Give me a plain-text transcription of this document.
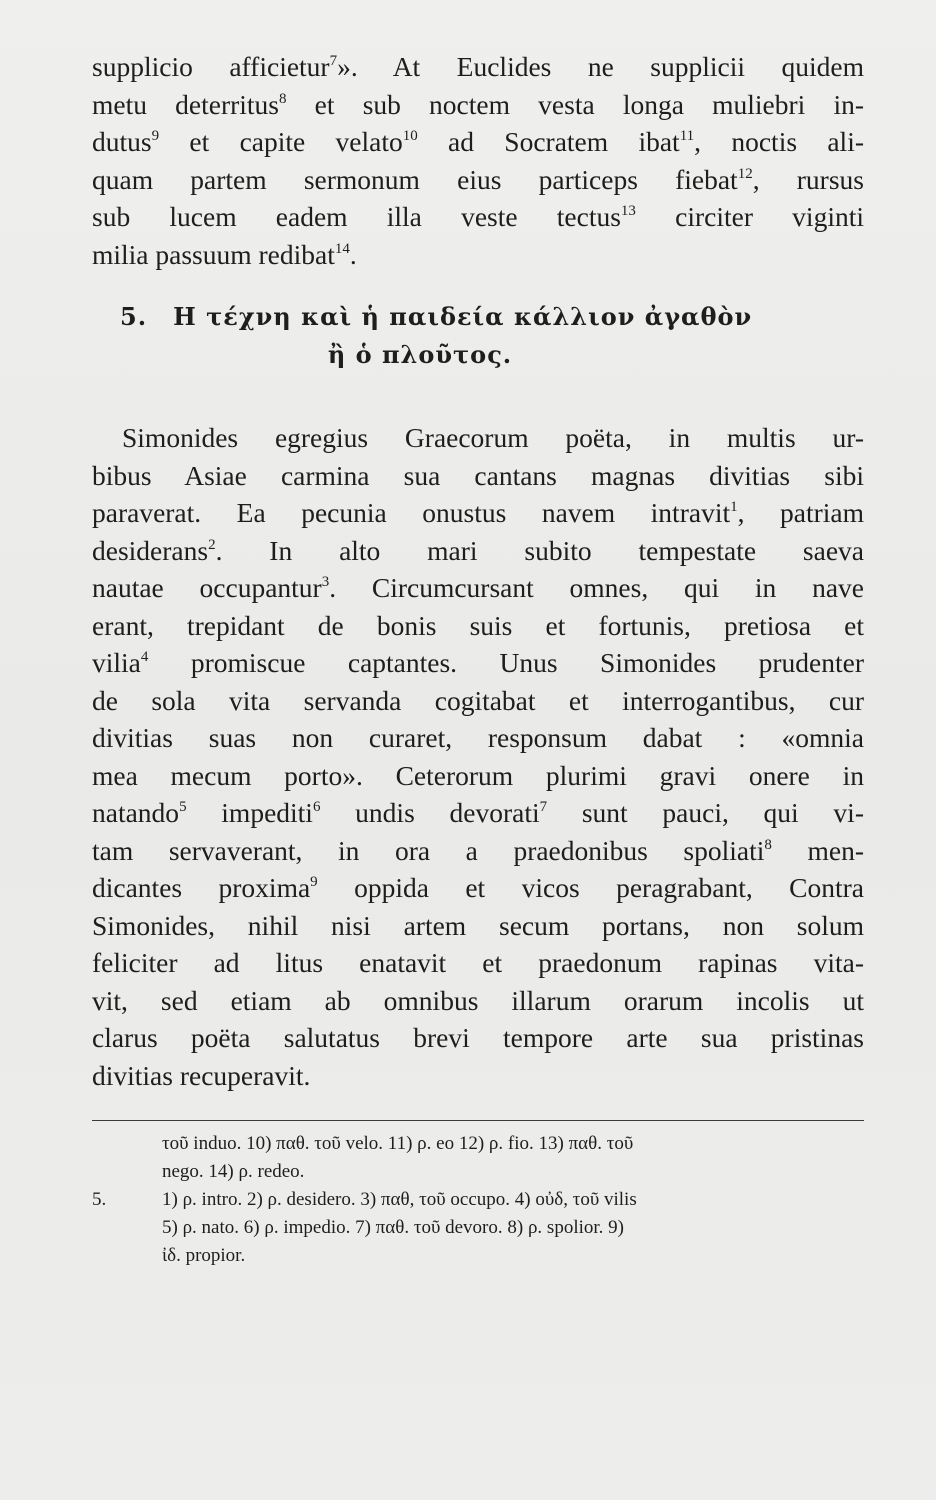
supplicio afficietur$^7$». At Euclides ne supplicii quidem
metu deterritus$^8$ et sub noctem vesta longa muliebri in-
dutus$^9$ et capite velato$^{10}$ ad Socratem ibat$^{11}$, noctis ali-
quam partem sermonum eius particeps fiebat$^{12}$, rursus
sub lucem eadem illa veste tectus$^{13}$ circiter viginti
milia passuum redibat$^{14}$.
5. Η τέχνη καὶ ἡ παιδεία κάλλιον ἀγαθὸν
ἢ ὁ πλοῦτος.
Simonides egregius Graecorum poëta, in multis ur-
bibus Asiae carmina sua cantans magnas divitias sibi
paraverat. Ea pecunia onustus navem intravit$^1$, patriam
desiderans$^2$. In alto mari subito tempestate saeva
nautae occupantur$^3$. Circumcursant omnes, qui in nave
erant, trepidant de bonis suis et fortunis, pretiosa et
vilia$^4$ promiscue captantes. Unus Simonides prudenter
de sola vita servanda cogitabat et interrogantibus, cur
divitias suas non curaret, responsum dabat : «omnia
mea mecum porto». Ceterorum plurimi gravi onere in
natando$^5$ impediti$^6$ undis devorati$^7$ sunt pauci, qui vi-
tam servaverant, in ora a praedonibus spoliati$^8$ men-
dicantes proxima$^9$ oppida et vicos peragrabant, Contra
Simonides, nihil nisi artem secum portans, non solum
feliciter ad litus enatavit et praedonum rapinas vita-
vit, sed etiam ab omnibus illarum orarum incolis ut
clarus poëta salutatus brevi tempore arte sua pristinas
divitias recuperavit.
τοῦ induo. 10) παθ. τοῦ velo. 11) ρ. eo 12) ρ. fio. 13) παθ. τοῦ
nego. 14) ρ. redeo.
5.	1) ρ. intro. 2) ρ. desidero. 3) παθ, τοῦ occupo. 4) οὐδ, τοῦ vilis
5) ρ. nato. 6) ρ. impedio. 7) παθ. τοῦ devoro. 8) ρ. spolior. 9)
ἰδ. propior.
